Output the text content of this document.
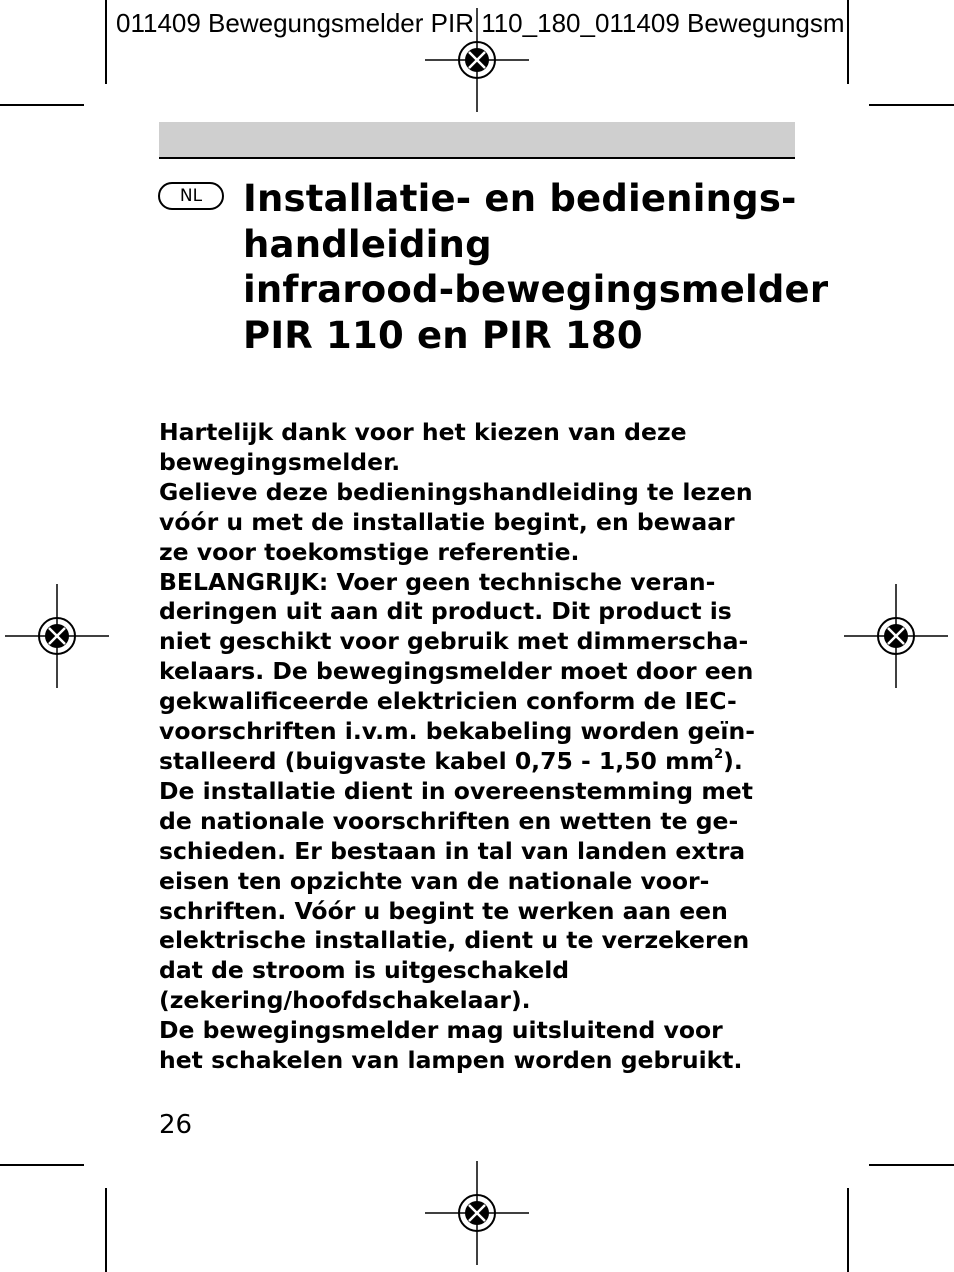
011409 Bewegungsmelder PIR 110_180_011409 Bewegungsm
NL	Installatie- en bedienings-
handleiding
infrarood-bewegingsmelder
PIR 110 en PIR 180
Hartelijk dank voor het kiezen van deze
bewegingsmelder.
Gelieve deze bedieningshandleiding te lezen
vóór u met de installatie begint, en bewaar
ze voor toekomstige referentie.
BELANGRIJK: Voer geen technische veran-
deringen uit aan dit product. Dit product is
niet geschikt voor gebruik met dimmerscha-
kelaars. De bewegingsmelder moet door een
gekwalificeerde elektricien conform de IEC-
voorschriften i.v.m. bekabeling worden geïn-
stalleerd (buigvaste kabel 0,75 - 1,50 $mm^2$).
De installatie dient in overeenstemming met
de nationale voorschriften en wetten te ge-
schieden. Er bestaan in tal van landen extra
eisen ten opzichte van de nationale voor-
schriften. Vóór u begint te werken aan een
elektrische installatie, dient u te verzekeren
dat de stroom is uitgeschakeld
(zekering/hoofdschakelaar).
De bewegingsmelder mag uitsluitend voor
het schakelen van lampen worden gebruikt.
26
